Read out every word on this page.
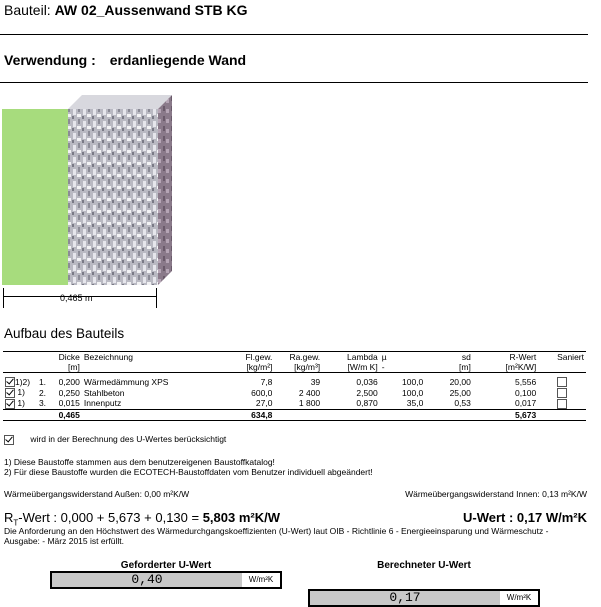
Bauteil: AW 02_Aussenwand STB KG
Verwendung : erdanliegende Wand
0,465 m
Aufbau des Bauteils
		Dicke	Bezeichnung	Fl.gew.	Ra.gew.	Lambda	µ	sd	R-Wert	Saniert
		[m]		[kg/m²]	[kg/m³]	[W/m K]	-	[m]	[m²K/W]	

1)2)	1.	0,200	Wärmedämmung XPS	7,8	39	0,036	100,0	20,00	5,556	
1)	2.	0,250	Stahlbeton	600,0	2 400	2,500	100,0	25,00	0,100	
1)	3.	0,015	Innenputz	27,0	1 800	0,870	35,0	0,53	0,017	
		0,465		634,8					5,673	
wird in der Berechnung des U-Wertes berücksichtigt
1) Diese Baustoffe stammen aus dem benutzereigenen Baustoffkatalog!
2) Für diese Baustoffe wurden die ECOTECH-Baustoffdaten vom Benutzer individuell abgeändert!
Wärmeübergangswiderstand Außen: 0,00 m²K/W	Wärmeübergangswiderstand Innen: 0,13 m²K/W
$R_T$-Wert : 0,000 + 5,673 + 0,130 = 5,803 m²K/W	U-Wert : 0,17 W/m²K
Die Anforderung an den Höchstwert des Wärmedurchgangskoeffizienten (U-Wert) laut OIB - Richtlinie 6 - Energieeinsparung und Wärmeschutz - Ausgabe: - März 2015 ist erfüllt.
Geforderter U-Wert
0,40	W/m²K
Berechneter U-Wert
0,17	W/m²K
